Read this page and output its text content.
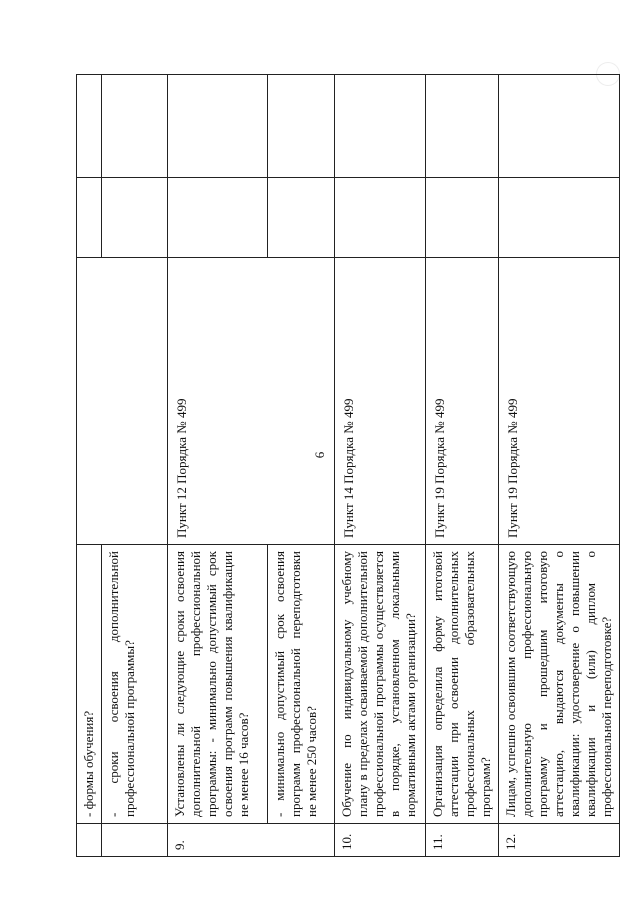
6
	- формы обучения?			
	- сроки освоения дополнительной профессиональной программы?			
9.	Установлены ли следующие сроки освоения дополнительной профессиональной программы: - минимально допустимый срок освоения программ повышения квалификации не менее 16 часов?	Пункт 12 Порядка № 499		
	- минимально допустимый срок освоения программ профессиональной переподготовки не менее 250 часов?			
10.	Обучение по индивидуальному учебному плану в пределах осваиваемой дополнительной профессиональной программы осуществляется в порядке, установленном локальными нормативными актами организации?	Пункт 14 Порядка № 499		
11.	Организация определила форму итоговой аттестации при освоении дополнительных профессиональных образовательных программ?	Пункт 19 Порядка № 499		
12.	Лицам, успешно освоившим соответствующую дополнительную профессиональную программу и прошедшим итоговую аттестацию, выдаются документы о квалификации: удостоверение о повышении квалификации и (или) диплом о профессиональной переподготовке?	Пункт 19 Порядка № 499		
